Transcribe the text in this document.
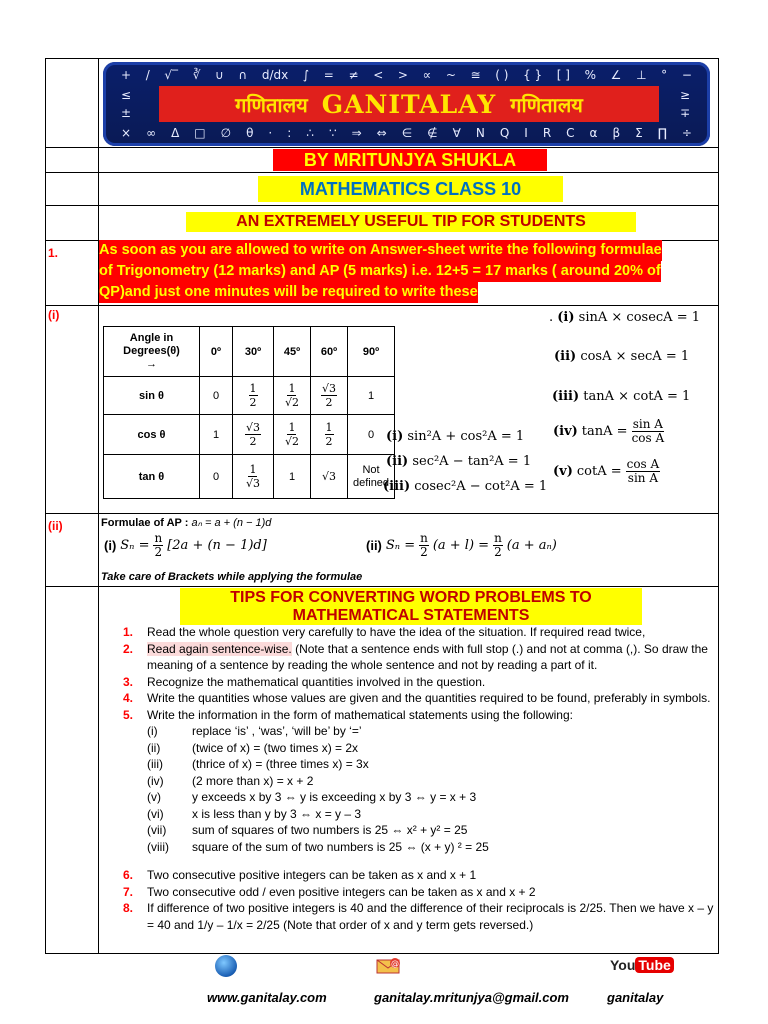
+ / √‾ ∛ ∪ ∩ d/dx ∫ = ≠ < > ∝ ~ ≅ ( ) { } [ ] % ∠ ⊥ ° −
× ∞ Δ □ ∅ θ · : ∴ ∵ ⇒ ⇔ ∈ ∉ ∀ N Q I R C α β Σ ∏ ÷
≤
±
≥
∓
गणितालय GANITALAY गणितालय
BY MRITUNJYA SHUKLA
MATHEMATICS CLASS 10
AN EXTREMELY USEFUL TIP FOR STUDENTS
1.
(i)
(ii)
As soon as you are allowed to write on Answer-sheet write the following formulae
of Trigonometry (12 marks) and AP (5 marks) i.e. 12+5 = 17 marks ( around 20% of
QP)and just one minutes will be required to write these
Angle in
Degrees(θ)
→	0º	30º	45º	60º	90º
sin θ	0	$\frac{1}{2}$	$\frac{1}{√2}$	$\frac{√3}{2}$	1
cos θ	1	$\frac{√3}{2}$	$\frac{1}{√2}$	$\frac{1}{2}$	0
tan θ	0	$\frac{1}{√3}$	1	√3	Not
defined
. (i) sinA × cosecA = 1
(ii) cosA × secA = 1
(iii) tanA × cotA = 1
(iv) $\tan A = \frac{\text{sin A}}{\text{cos A}}$
(v) $\cot A = \frac{\text{cos A}}{\text{sin A}}$
(i) sin²A + cos²A = 1
(ii) sec²A − tan²A = 1
(iii) cosec²A − cot²A = 1
Formulae of AP : aₙ = a + (n − 1)d
(i) $S_n = \frac{n}{2} [2a + (n - 1)d]$	(ii) $S_n = \frac{n}{2} (a + l) = \frac{n}{2} (a + a_n)$
Take care of Brackets while applying the formulae
TIPS FOR CONVERTING WORD PROBLEMS TO
MATHEMATICAL STATEMENTS
1. Read the whole question very carefully to have the idea of the situation. If required read twice,
2. Read again sentence-wise. (Note that a sentence ends with full stop (.) and not at comma (,). So draw the meaning of a sentence by reading the whole sentence and not by reading a part of it.
3. Recognize the mathematical quantities involved in the question.
4. Write the quantities whose values are given and the quantities required to be found, preferably in symbols.
5. Write the information in the form of mathematical statements using the following:
(i)	replace ‘is’ , ‘was’, ‘will be’ by ‘=’
(ii)	(twice of x) = (two times x) = 2x
(iii) (thrice of x) = (three times x) = 3x
(iv) (2 more than x) = x + 2
(v)	y exceeds x by 3 ⇔ y is exceeding x by 3 ⇔ y = x + 3
(vi) x is less than y by 3 ⇔ x = y – 3
(vii) sum of squares of two numbers is 25 ⇔ x² + y² = 25
(viii) square of the sum of two numbers is 25 ⇔ (x + y) ² = 25
6. Two consecutive positive integers can be taken as x and x + 1
7. Two consecutive odd / even positive integers can be taken as x and x + 2
8. If difference of two positive integers is 40 and the difference of their reciprocals is 2/25. Then we have x – y = 40 and 1/y – 1/x = 2/25 (Note that order of x and y term gets reversed.)
@	You Tube
www.ganitalay.com	ganitalay.mritunjya@gmail.com	ganitalay
